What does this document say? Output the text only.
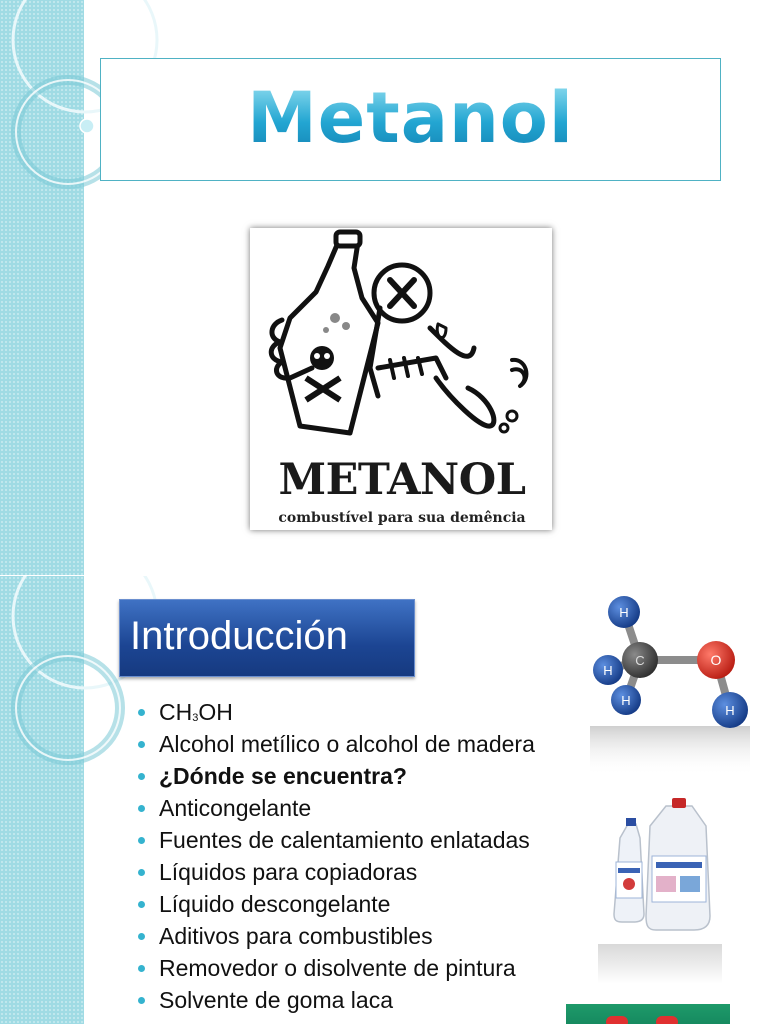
Metanol
METANOL
combustível para sua demência
Introducción
$CH_3OH$
Alcohol metílico o alcohol de madera
¿Dónde se encuentra?
Anticongelante
Fuentes de calentamiento enlatadas
Líquidos para copiadoras
Líquido descongelante
Aditivos para combustibles
Removedor o disolvente de pintura
Solvente de goma laca
H
H
C
H
O
H
